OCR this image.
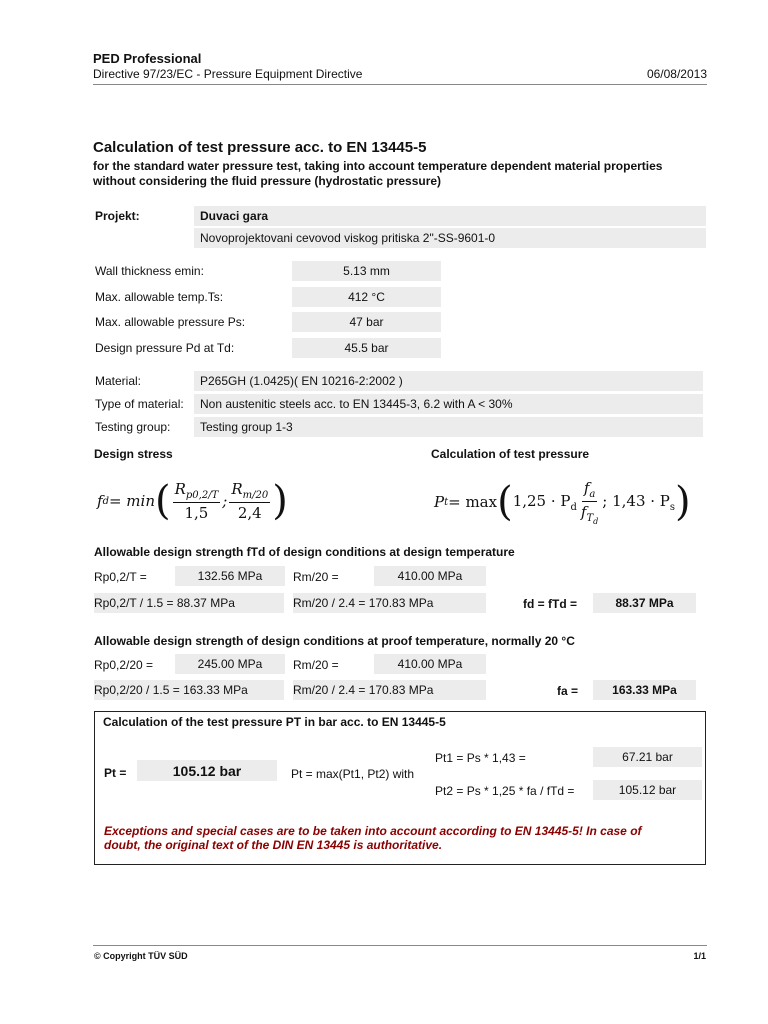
PED Professional
Directive 97/23/EC - Pressure Equipment Directive	06/08/2013
Calculation of test pressure acc. to EN 13445-5
for the standard water pressure test, taking into account temperature dependent material properties
without considering the fluid pressure (hydrostatic pressure)
Projekt:	Duvaci gara
Novoprojektovani cevovod viskog pritiska 2"-SS-9601-0
Wall thickness emin:	5.13 mm
Max. allowable temp.Ts:	412 °C
Max. allowable pressure Ps:	47 bar
Design pressure Pd at Td:	45.5 bar
Material:	P265GH (1.0425)( EN 10216-2:2002 )
Type of material: Non austenitic steels acc. to EN 13445-3, 6.2 with A < 30%
Testing group: Testing group 1-3
Design stress	Calculation of test pressure
f d = min ( $\frac{R_{p0,2/T}}{1,5}$ ; $\frac{R_{m/20}}{2,4}$ )	P t = max ( $1,25 \cdot P_d \frac{f_a}{f_{T_d}}$ ; $1,43 \cdot P_s$ )
Allowable design strength fTd of design conditions at design temperature
Rp0,2/T =	132.56 MPa	Rm/20 =	410.00 MPa
Rp0,2/T / 1.5 = 88.37 MPa	Rm/20 / 2.4 = 170.83 MPa	fd = fTd =	88.37 MPa
Allowable design strength of design conditions at proof temperature, normally 20 °C
Rp0,2/20 =	245.00 MPa	Rm/20 =	410.00 MPa
Rp0,2/20 / 1.5 = 163.33 MPa	Rm/20 / 2.4 = 170.83 MPa	fa =	163.33 MPa
Calculation of the test pressure PT in bar acc. to EN 13445-5
Pt =	105.12 bar	Pt = max(Pt1, Pt2) with
Pt1 = Ps * 1,43 =	67.21 bar
Pt2 = Ps * 1,25 * fa / fTd =	105.12 bar
Exceptions and special cases are to be taken into account according to EN 13445-5! In case of
doubt, the original text of the DIN EN 13445 is authoritative.
© Copyright TÜV SÜD	1/1
